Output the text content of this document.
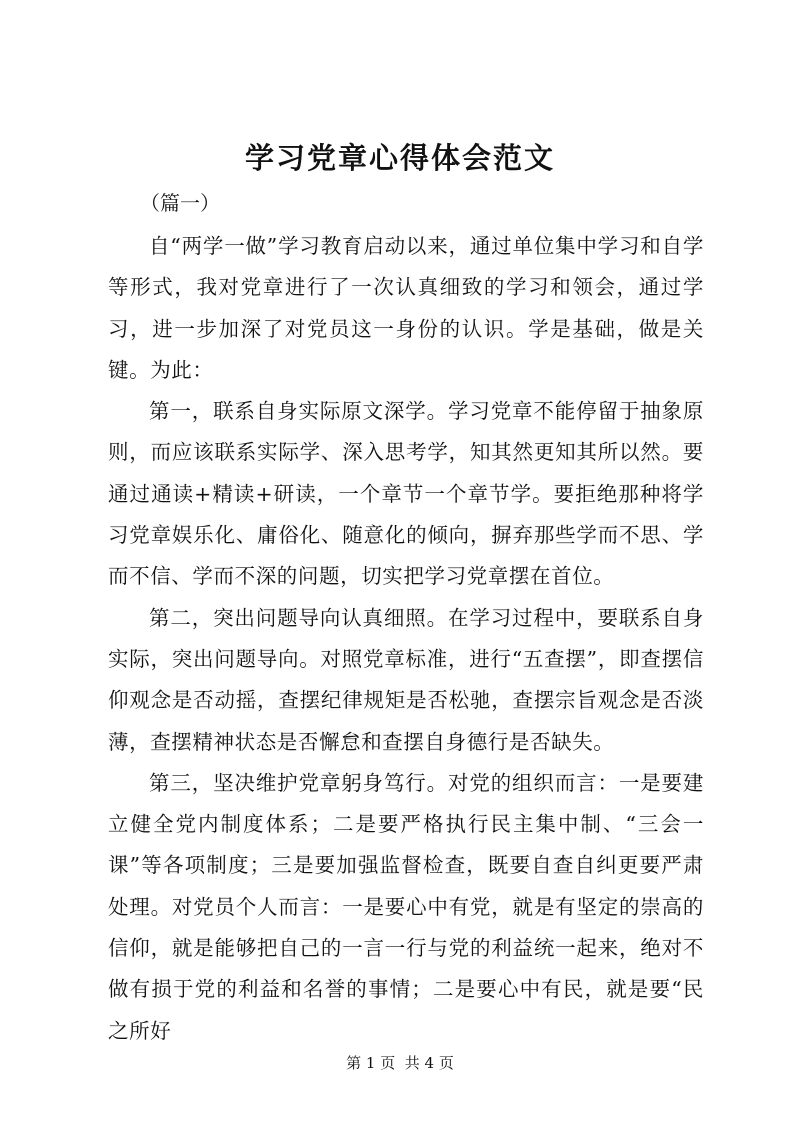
学习党章心得体会范文
（篇一）

自“两学一做”学习教育启动以来，通过单位集中学习和自学等形式，我对党章进行了一次认真细致的学习和领会，通过学习，进一步加深了对党员这一身份的认识。学是基础，做是关键。为此：

第一，联系自身实际原文深学。学习党章不能停留于抽象原则，而应该联系实际学、深入思考学，知其然更知其所以然。要通过通读+精读+研读，一个章节一个章节学。要拒绝那种将学习党章娱乐化、庸俗化、随意化的倾向，摒弃那些学而不思、学而不信、学而不深的问题，切实把学习党章摆在首位。

第二，突出问题导向认真细照。在学习过程中，要联系自身实际，突出问题导向。对照党章标准，进行“五查摆”，即查摆信仰观念是否动摇，查摆纪律规矩是否松驰，查摆宗旨观念是否淡薄，查摆精神状态是否懈怠和查摆自身德行是否缺失。

第三，坚决维护党章躬身笃行。对党的组织而言：一是要建立健全党内制度体系；二是要严格执行民主集中制、“三会一课”等各项制度；三是要加强监督检查，既要自查自纠更要严肃处理。对党员个人而言：一是要心中有党，就是有坚定的崇高的信仰，就是能够把自己的一言一行与党的利益统一起来，绝对不做有损于党的利益和名誉的事情；二是要心中有民，就是要“民之所好

第 1 页  共 4 页
